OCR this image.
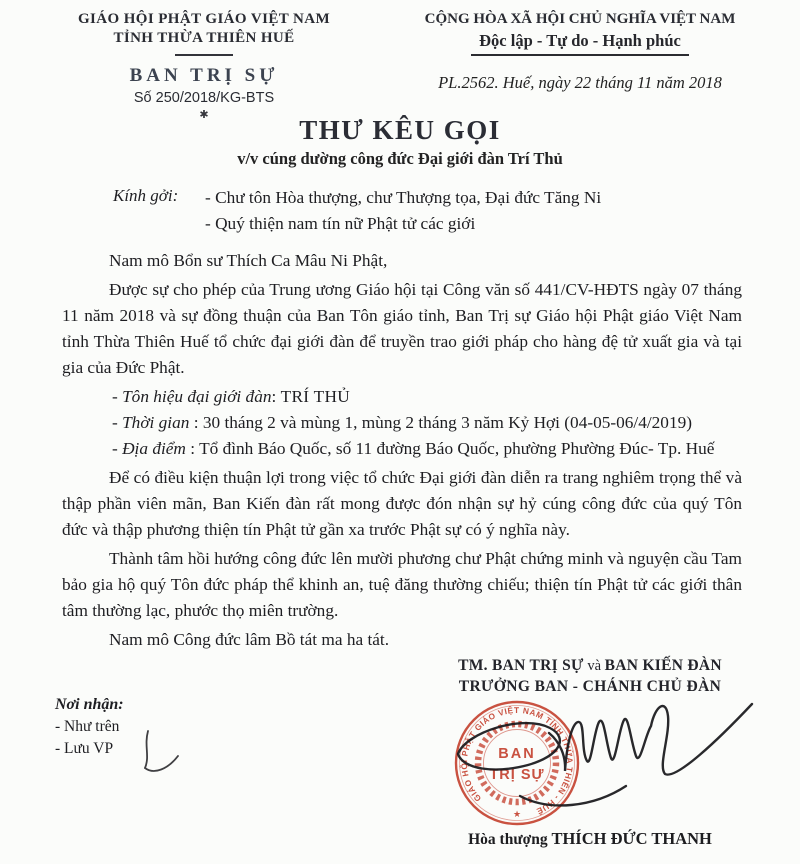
GIÁO HỘI PHẬT GIÁO VIỆT NAM
TỈNH THỪA THIÊN HUẾ
BAN TRỊ SỰ
Số 250/2018/KG-BTS
✱
CỘNG HÒA XÃ HỘI CHỦ NGHĨA VIỆT NAM
Độc lập - Tự do - Hạnh phúc
PL.2562. Huế, ngày 22 tháng 11 năm 2018
THƯ KÊU GỌI
v/v cúng dường công đức Đại giới đàn Trí Thủ
Kính gởi: - Chư tôn Hòa thượng, chư Thượng tọa, Đại đức Tăng Ni
- Quý thiện nam tín nữ Phật tử các giới

Nam mô Bổn sư Thích Ca Mâu Ni Phật,

Được sự cho phép của Trung ương Giáo hội tại Công văn số 441/CV-HĐTS ngày 07 tháng 11 năm 2018 và sự đồng thuận của Ban Tôn giáo tỉnh, Ban Trị sự Giáo hội Phật giáo Việt Nam tỉnh Thừa Thiên Huế tổ chức đại giới đàn để truyền trao giới pháp cho hàng đệ tử xuất gia và tại gia của Đức Phật.

- Tôn hiệu đại giới đàn: TRÍ THỦ
- Thời gian : 30 tháng 2 và mùng 1, mùng 2 tháng 3 năm Kỷ Hợi (04-05-06/4/2019)
- Địa điểm : Tổ đình Báo Quốc, số 11 đường Báo Quốc, phường Phường Đúc- Tp. Huế

Để có điều kiện thuận lợi trong việc tổ chức Đại giới đàn diễn ra trang nghiêm trọng thể và thập phần viên mãn, Ban Kiến đàn rất mong được đón nhận sự hỷ cúng công đức của quý Tôn đức và thập phương thiện tín Phật tử gần xa trước Phật sự có ý nghĩa này.

Thành tâm hồi hướng công đức lên mười phương chư Phật chứng minh và nguyện cầu Tam bảo gia hộ quý Tôn đức pháp thể khinh an, tuệ đăng thường chiếu; thiện tín Phật tử các giới thân tâm thường lạc, phước thọ miên trường.

Nam mô Công đức lâm Bồ tát ma ha tát.

TM. BAN TRỊ SỰ và BAN KIẾN ĐÀN
TRƯỞNG BAN - CHÁNH CHỦ ĐÀN
GIÁO HỘI PHẬT GIÁO VIỆT NAM TỈNH THỪA THIÊN - HUẾ
★
BAN
TRỊ SỰ
Hòa thượng THÍCH ĐỨC THANH
Nơi nhận:
- Như trên
- Lưu VP
